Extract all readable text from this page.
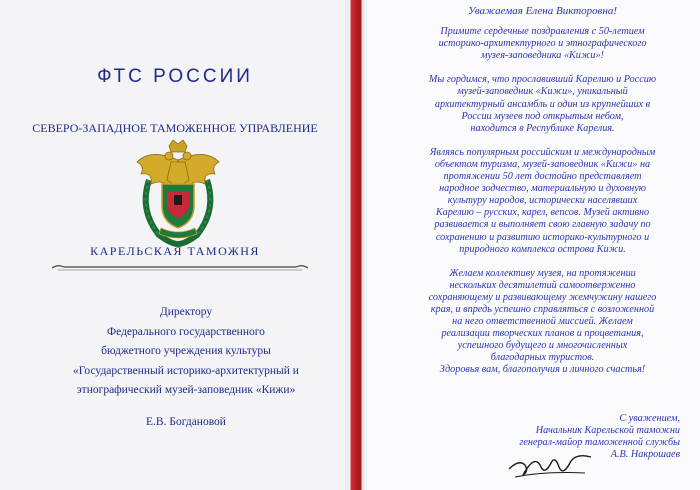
ФТС РОССИИ
СЕВЕРО-ЗАПАДНОЕ ТАМОЖЕННОЕ УПРАВЛЕНИЕ
КАРЕЛЬСКАЯ ТАМОЖНЯ
Директору
Федерального государственного
бюджетного учреждения культуры
«Государственный историко-архитектурный и
этнографический музей-заповедник «Кижи»
Е.В. Богдановой
Уважаемая Елена Викторовна!
Примите сердечные поздравления с 50-летием
историко-архитектурного и этнографического
музея-заповедника «Кижи»!
Мы гордимся, что прославивший Карелию и Россию
музей-заповедник «Кижи», уникальный
архитектурный ансамбль и один из крупнейших в
России музеев под открытым небом,
находится в Республике Карелия.
Являясь популярным российским и международным
объектом туризма, музей-заповедник «Кижи» на
протяжении 50 лет достойно представляет
народное зодчество, материальную и духовную
культуру народов, исторически населявших
Карелию – русских, карел, вепсов. Музей активно
развивается и выполняет свою главную задачу по
сохранению и развитию историко-культурного и
природного комплекса острова Кижи.
Желаем коллективу музея, на протяжении
нескольких десятилетий самоотверженно
сохраняющему и развивающему жемчужину нашего
края, и впредь успешно справляться с возложенной
на него ответственной миссией. Желаем
реализации творческих планов и процветания,
успешного будущего и многочисленных
благодарных туристов.
Здоровья вам, благополучия и личного счастья!
С уважением,
Начальник Карельской таможни
генерал-майор таможенной службы
А.В. Накрошаев
